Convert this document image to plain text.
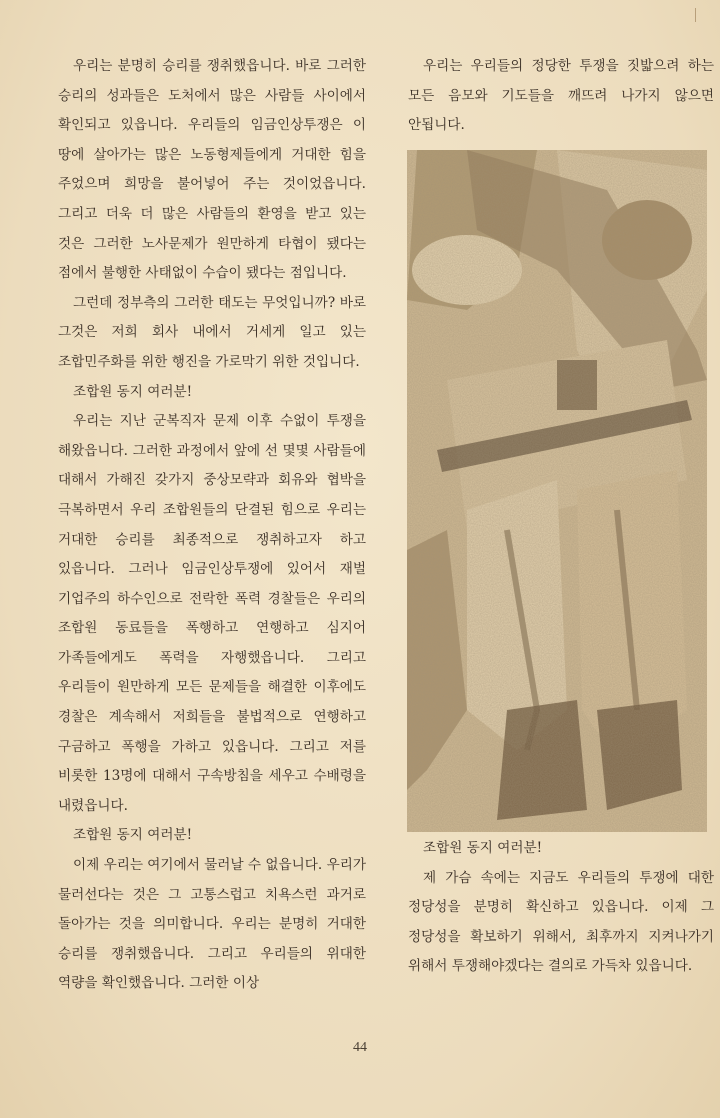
우리는 분명히 승리를 쟁취했읍니다. 바로 그러한 승리의 성과들은 도처에서 많은 사람들 사이에서 확인되고 있읍니다. 우리들의 임금인상투쟁은 이 땅에 살아가는 많은 노동형제들에게 거대한 힘을 주었으며 희망을 불어넣어 주는 것이었읍니다. 그리고 더욱 더 많은 사람들의 환영을 받고 있는 것은 그러한 노사문제가 원만하게 타협이 됐다는 점에서 불행한 사태없이 수습이 됐다는 점입니다.

그런데 정부측의 그러한 태도는 무엇입니까? 바로 그것은 저희 회사 내에서 거세게 일고 있는 조합민주화를 위한 행진을 가로막기 위한 것입니다.

조합원 동지 여러분!

우리는 지난 군복직자 문제 이후 수없이 투쟁을 해왔읍니다. 그러한 과정에서 앞에 선 몇몇 사람들에 대해서 가해진 갖가지 중상모략과 회유와 협박을 극복하면서 우리 조합원들의 단결된 힘으로 우리는 거대한 승리를 최종적으로 쟁취하고자 하고 있읍니다. 그러나 임금인상투쟁에 있어서 재벌 기업주의 하수인으로 전락한 폭력 경찰들은 우리의 조합원 동료들을 폭행하고 연행하고 심지어 가족들에게도 폭력을 자행했읍니다. 그리고 우리들이 원만하게 모든 문제들을 해결한 이후에도 경찰은 계속해서 저희들을 불법적으로 연행하고 구금하고 폭행을 가하고 있읍니다. 그리고 저를 비롯한 13명에 대해서 구속방침을 세우고 수배령을 내렸읍니다.

조합원 동지 여러분!

이제 우리는 여기에서 물러날 수 없읍니다. 우리가 물러선다는 것은 그 고통스럽고 치욕스런 과거로 돌아가는 것을 의미합니다. 우리는 분명히 거대한 승리를 쟁취했읍니다. 그리고 우리들의 위대한 역량을 확인했읍니다. 그러한 이상

우리는 우리들의 정당한 투쟁을 짓밟으려 하는 모든 음모와 기도들을 깨뜨려 나가지 않으면 안됩니다.

조합원 동지 여러분!

제 가슴 속에는 지금도 우리들의 투쟁에 대한 정당성을 분명히 확신하고 있읍니다. 이제 그 정당성을 확보하기 위해서, 최후까지 지켜나가기 위해서 투쟁해야겠다는 결의로 가득차 있읍니다.

44
